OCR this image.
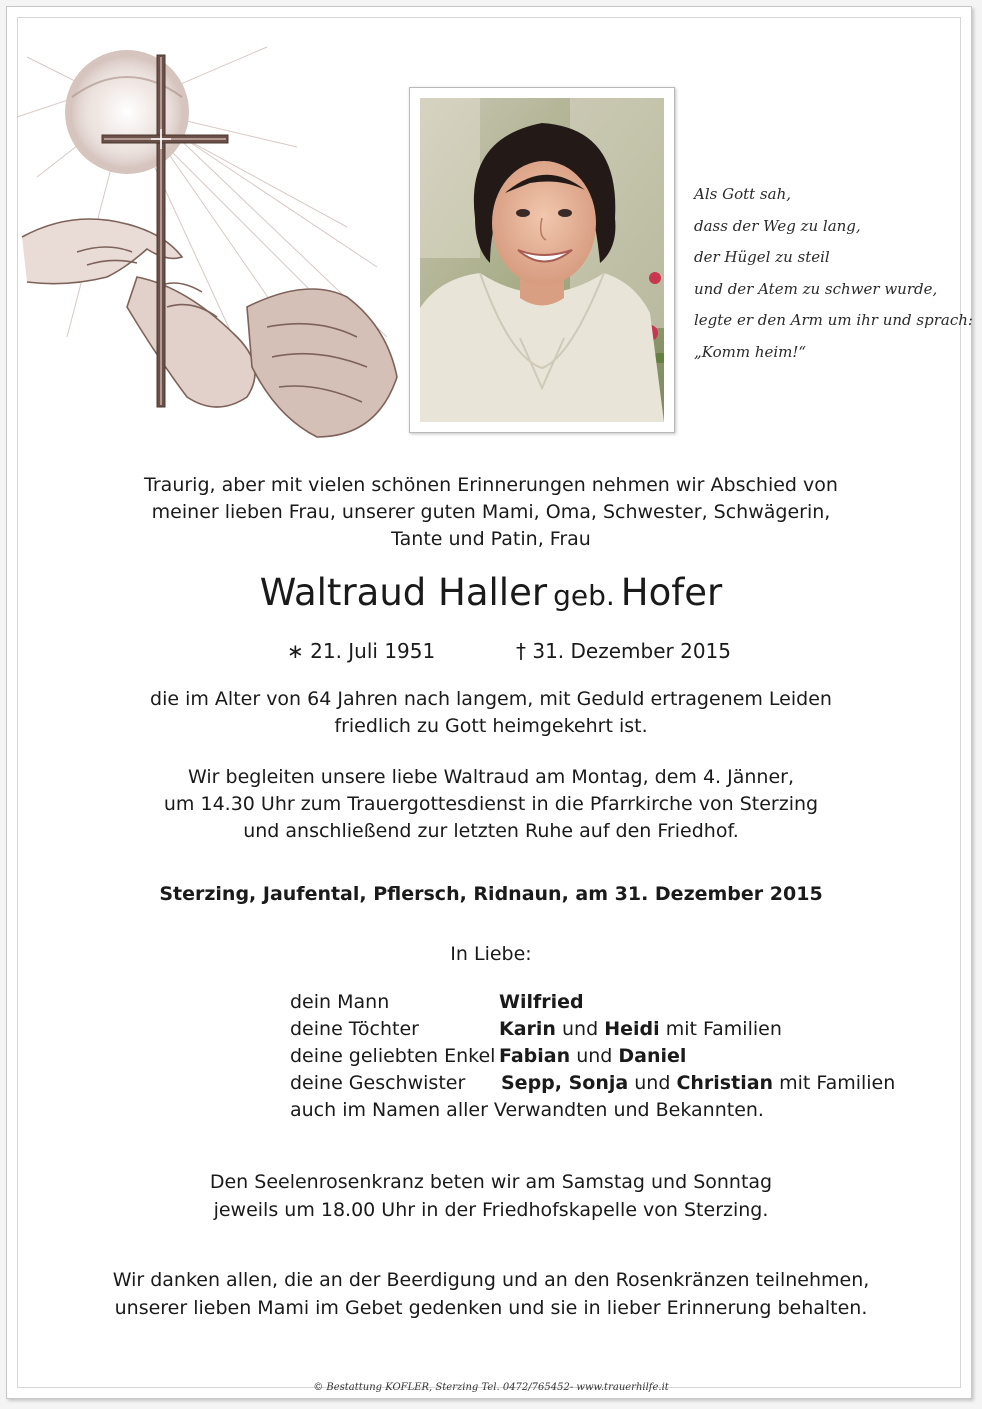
Als Gott sah,
dass der Weg zu lang,
der Hügel zu steil
und der Atem zu schwer wurde,
legte er den Arm um ihr und sprach:
„Komm heim!“
Traurig, aber mit vielen schönen Erinnerungen nehmen wir Abschied von
meiner lieben Frau, unserer guten Mami, Oma, Schwester, Schwägerin,
Tante und Patin, Frau
Waltraud Haller geb. Hofer
∗ 21. Juli 1951	† 31. Dezember 2015
die im Alter von 64 Jahren nach langem, mit Geduld ertragenem Leiden
friedlich zu Gott heimgekehrt ist.
Wir begleiten unsere liebe Waltraud am Montag, dem 4. Jänner,
um 14.30 Uhr zum Trauergottesdienst in die Pfarrkirche von Sterzing
und anschließend zur letzten Ruhe auf den Friedhof.
Sterzing, Jaufental, Pflersch, Ridnaun, am 31. Dezember 2015
In Liebe:
dein Mann	Wilfried
deine Töchter	Karin und Heidi mit Familien
deine geliebten Enkel Fabian und Daniel
deine Geschwister Sepp, Sonja und Christian mit Familien
auch im Namen aller Verwandten und Bekannten.
Den Seelenrosenkranz beten wir am Samstag und Sonntag
jeweils um 18.00 Uhr in der Friedhofskapelle von Sterzing.
Wir danken allen, die an der Beerdigung und an den Rosenkränzen teilnehmen,
unserer lieben Mami im Gebet gedenken und sie in lieber Erinnerung behalten.
© Bestattung KOFLER, Sterzing Tel. 0472/765452- www.trauerhilfe.it
